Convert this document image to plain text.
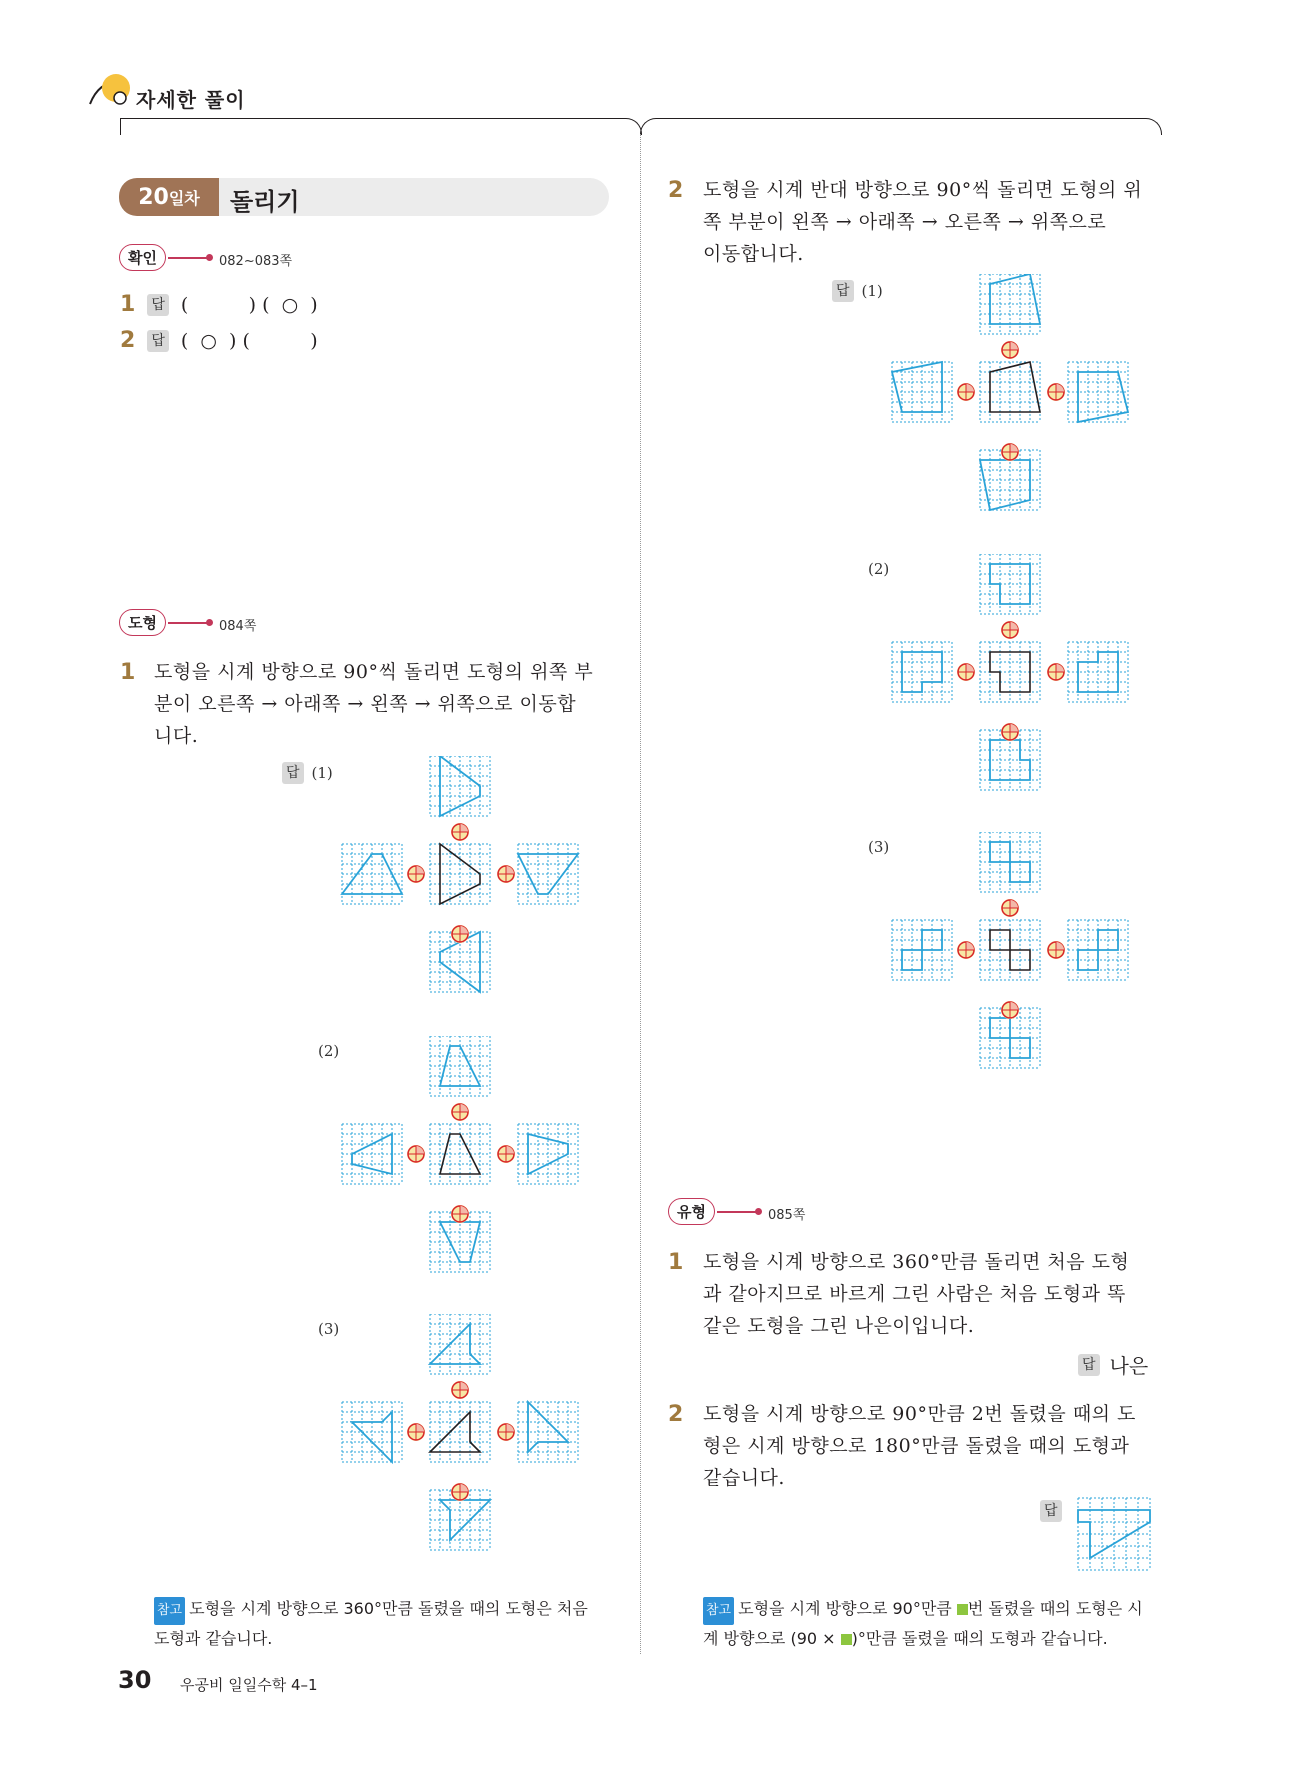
자세한 풀이
20 일차 돌리기
확인	082~083쪽
1 답 (          ) (  ○  )
2 답 (  ○  ) (          )
도형	084쪽
1 도형을 시계 방향으로 90°씩 돌리면 도형의 위쪽 부
분이 오른쪽 → 아래쪽 → 왼쪽 → 위쪽으로 이동합
니다.
답 (1)
(2)
(3)
참고 도형을 시계 방향으로 360°만큼 돌렸을 때의 도형은 처음
도형과 같습니다.
2 도형을 시계 반대 방향으로 90°씩 돌리면 도형의 위
쪽 부분이 왼쪽 → 아래쪽 → 오른쪽 → 위쪽으로
이동합니다.
답 (1)
(2)
(3)
유형	085쪽
1 도형을 시계 방향으로 360°만큼 돌리면 처음 도형
과 같아지므로 바르게 그린 사람은 처음 도형과 똑
같은 도형을 그린 나은이입니다.
답 나은
2 도형을 시계 방향으로 90°만큼 2번 돌렸을 때의 도
형은 시계 방향으로 180°만큼 돌렸을 때의 도형과
같습니다.
답
참고 도형을 시계 방향으로 90°만큼 번 돌렸을 때의 도형은 시
계 방향으로 (90 × )°만큼 돌렸을 때의 도형과 같습니다.
30 우공비 일일수학 4–1
